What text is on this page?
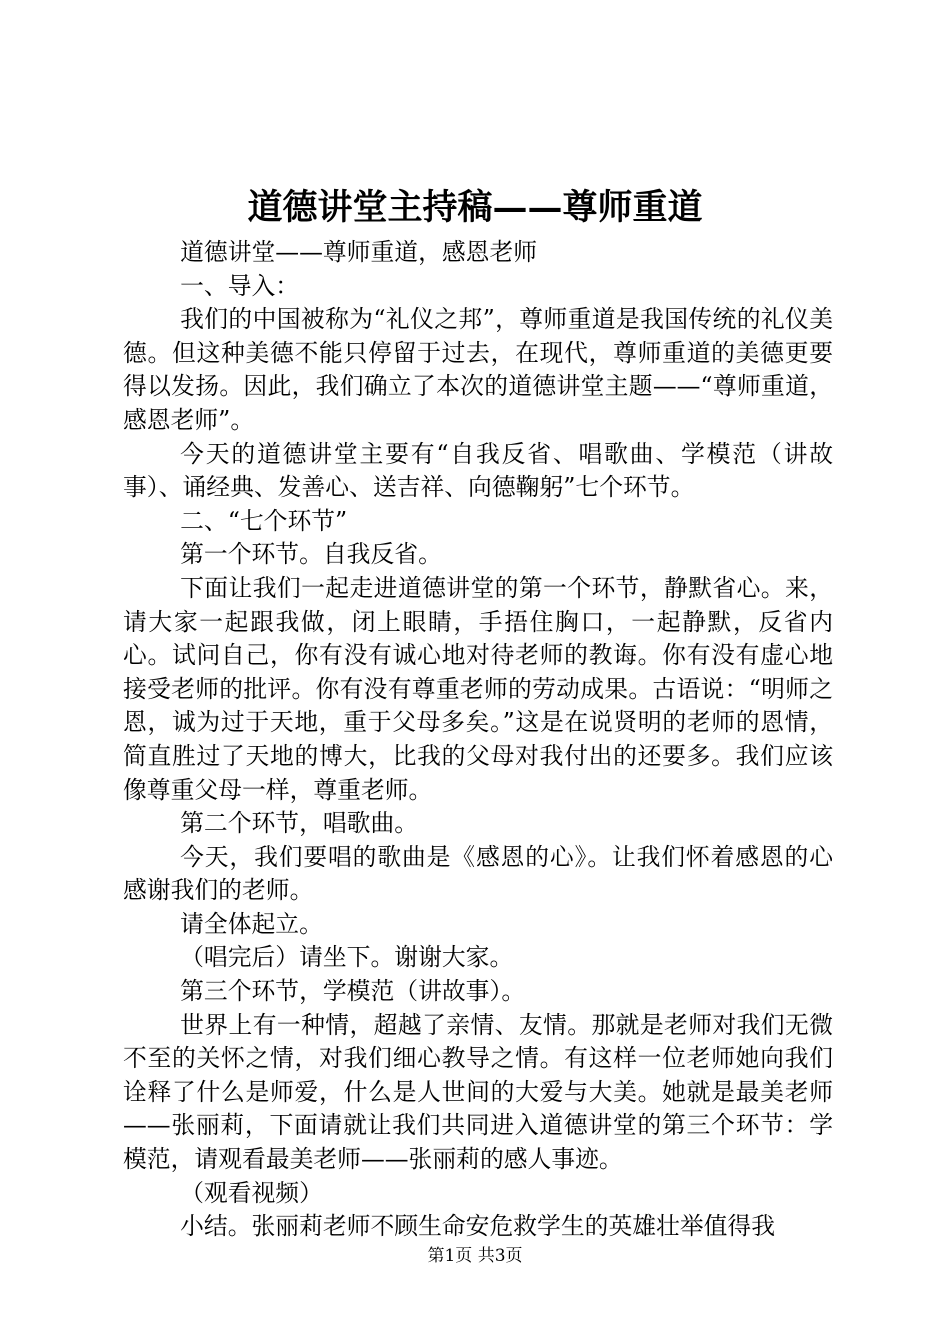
道德讲堂主持稿——尊师重道

道德讲堂——尊师重道，感恩老师

一、导入：

我们的中国被称为“礼仪之邦”，尊师重道是我国传统的礼仪美德。但这种美德不能只停留于过去，在现代，尊师重道的美德更要得以发扬。因此，我们确立了本次的道德讲堂主题——“尊师重道，感恩老师”。

今天的道德讲堂主要有“自我反省、唱歌曲、学模范（讲故事）、诵经典、发善心、送吉祥、向德鞠躬”七个环节。

二、“七个环节”

第一个环节。自我反省。

下面让我们一起走进道德讲堂的第一个环节，静默省心。来，请大家一起跟我做，闭上眼睛，手捂住胸口，一起静默，反省内心。试问自己，你有没有诚心地对待老师的教诲。你有没有虚心地接受老师的批评。你有没有尊重老师的劳动成果。古语说：“明师之恩，诚为过于天地，重于父母多矣。”这是在说贤明的老师的恩情，简直胜过了天地的博大，比我的父母对我付出的还要多。我们应该像尊重父母一样，尊重老师。

第二个环节，唱歌曲。

今天，我们要唱的歌曲是《感恩的心》。让我们怀着感恩的心感谢我们的老师。

请全体起立。

（唱完后）请坐下。谢谢大家。

第三个环节，学模范（讲故事）。

世界上有一种情，超越了亲情、友情。那就是老师对我们无微不至的关怀之情，对我们细心教导之情。有这样一位老师她向我们诠释了什么是师爱，什么是人世间的大爱与大美。她就是最美老师——张丽莉，下面请就让我们共同进入道德讲堂的第三个环节：学模范，请观看最美老师——张丽莉的感人事迹。

（观看视频）

小结。张丽莉老师不顾生命安危救学生的英雄壮举值得我

第1页 共3页
